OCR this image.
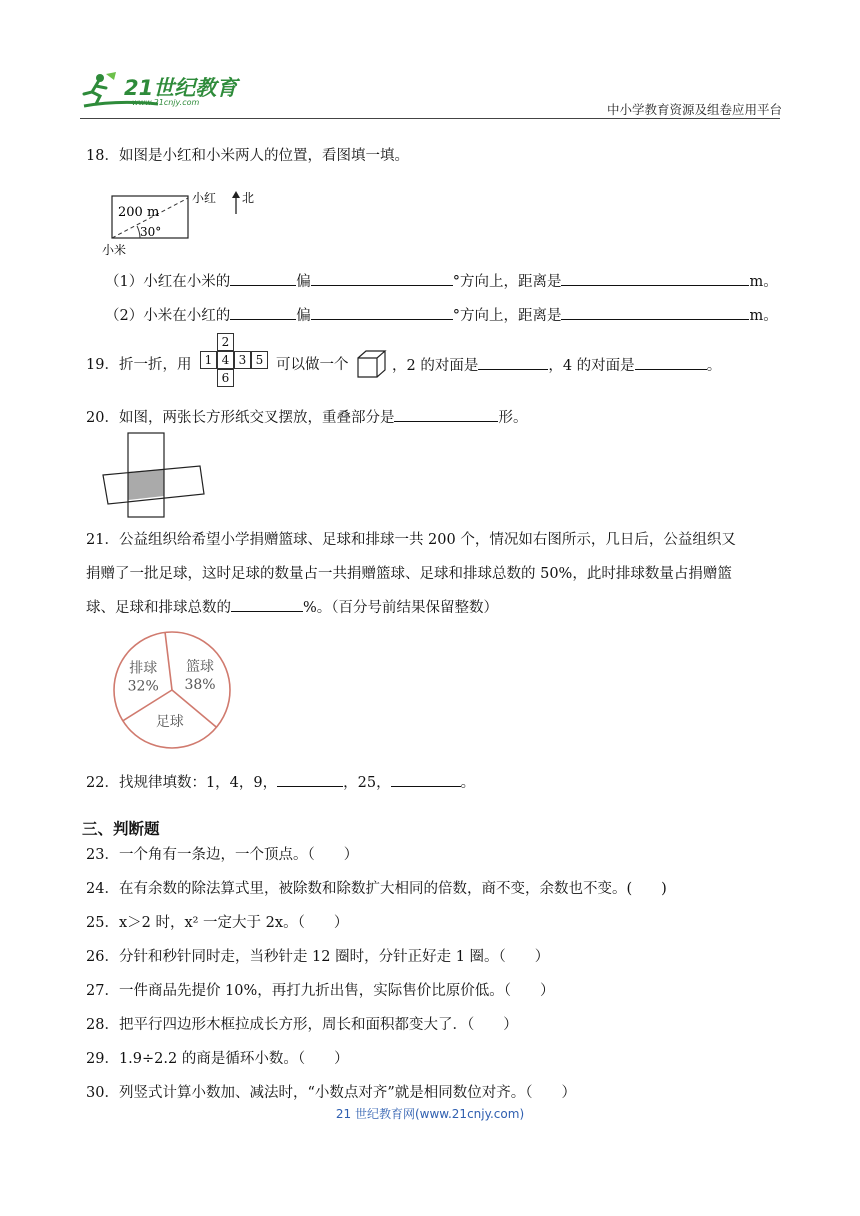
21世纪教育
www.21cnjy.com	中小学教育资源及组卷应用平台
18．如图是小红和小米两人的位置，看图填一填。
200 m
30°
小红
小米
北
（1）小红在小米的	偏	°方向上，距离是	m。
（2）小米在小红的	偏	°方向上，距离是	m。
19．折一折，用
2
1 4 3 5
6
可以做一个	，2 的对面是	，4 的对面是	。
20．如图，两张长方形纸交叉摆放，重叠部分是	形。
21．公益组织给希望小学捐赠篮球、足球和排球一共 200 个，情况如右图所示，几日后，公益组织又
捐赠了一批足球，这时足球的数量占一共捐赠篮球、足球和排球总数的 50%，此时排球数量占捐赠篮
球、足球和排球总数的	%。（百分号前结果保留整数）
排球
32%
篮球
38%
足球
22．找规律填数：1，4，9，	，25，	。
三、判断题
23．一个角有一条边，一个顶点。（　　）
24．在有余数的除法算式里，被除数和除数扩大相同的倍数，商不变，余数也不变。(　　)
25．x＞2 时，x² 一定大于 2x。（　　）
26．分针和秒针同时走，当秒针走 12 圈时，分针正好走 1 圈。（　　）
27．一件商品先提价 10%，再打九折出售，实际售价比原价低。（　　）
28．把平行四边形木框拉成长方形，周长和面积都变大了．（　　）
29．1.9÷2.2 的商是循环小数。（　　）
30．列竖式计算小数加、减法时，“小数点对齐”就是相同数位对齐。（　　）
21 世纪教育网(www.21cnjy.com)
